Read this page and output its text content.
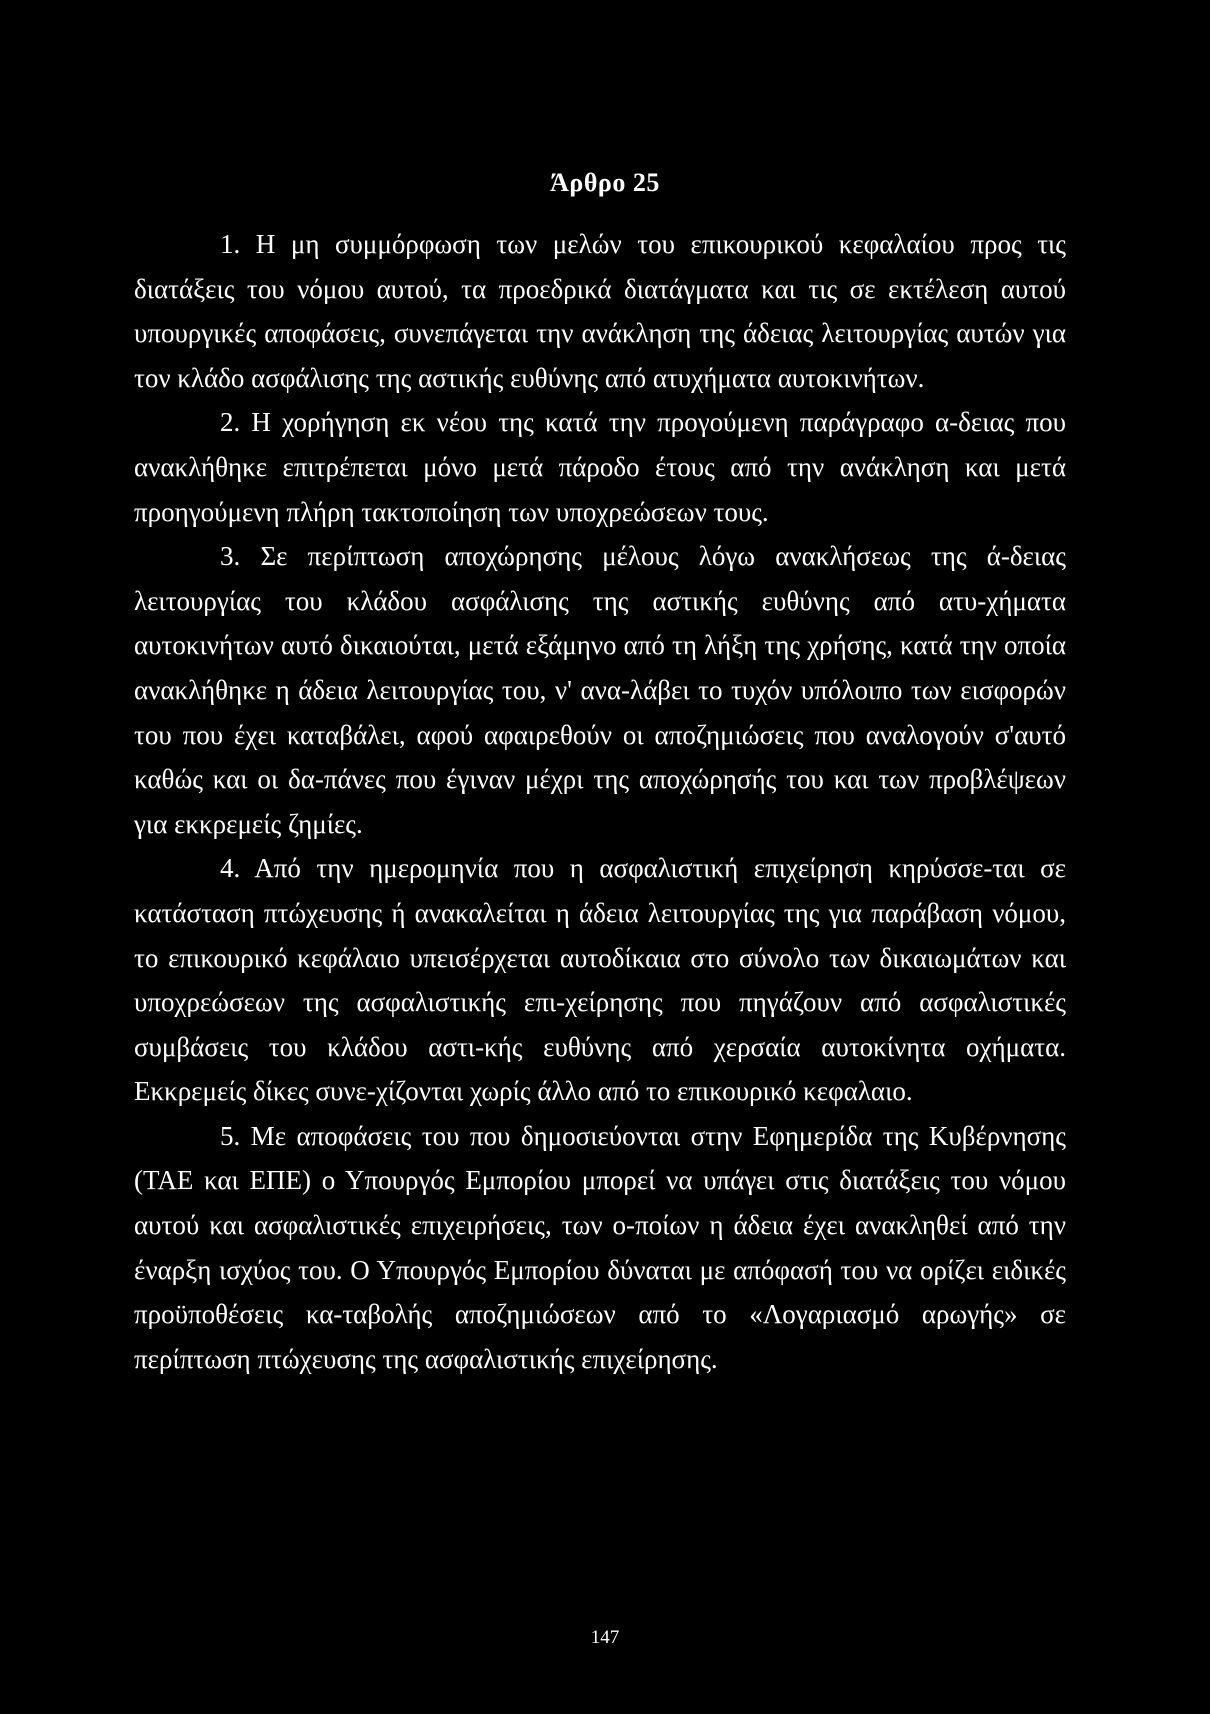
Άρθρο 25

1. Η μη συμμόρφωση των μελών του επικουρικού κεφαλαίου προς τις διατάξεις του νόμου αυτού, τα προεδρικά διατάγματα και τις σε εκτέλεση αυτού υπουργικές αποφάσεις, συνεπάγεται την ανάκληση της άδειας λειτουργίας αυτών για τον κλάδο ασφάλισης της αστικής ευθύνης από ατυχήματα αυτοκινήτων.

2. Η χορήγηση εκ νέου της κατά την προγούμενη παράγραφο α-δειας που ανακλήθηκε επιτρέπεται μόνο μετά πάροδο έτους από την ανάκληση και μετά προηγούμενη πλήρη τακτοποίηση των υποχρεώσεων τους.

3. Σε περίπτωση αποχώρησης μέλους λόγω ανακλήσεως της ά-δειας λειτουργίας του κλάδου ασφάλισης της αστικής ευθύνης από ατυ-χήματα αυτοκινήτων αυτό δικαιούται, μετά εξάμηνο από τη λήξη της χρήσης, κατά την οποία ανακλήθηκε η άδεια λειτουργίας του, ν' ανα-λάβει το τυχόν υπόλοιπο των εισφορών του που έχει καταβάλει, αφού αφαιρεθούν οι αποζημιώσεις που αναλογούν σ'αυτό καθώς και οι δα-πάνες που έγιναν μέχρι της αποχώρησής του και των προβλέψεων για εκκρεμείς ζημίες.

4. Από την ημερομηνία που η ασφαλιστική επιχείρηση κηρύσσε-ται σε κατάσταση πτώχευσης ή ανακαλείται η άδεια λειτουργίας της για παράβαση νόμου, το επικουρικό κεφάλαιο υπεισέρχεται αυτοδίκαια στο σύνολο των δικαιωμάτων και υποχρεώσεων της ασφαλιστικής επι-χείρησης που πηγάζουν από ασφαλιστικές συμβάσεις του κλάδου αστι-κής ευθύνης από χερσαία αυτοκίνητα οχήματα. Εκκρεμείς δίκες συνε-χίζονται χωρίς άλλο από το επικουρικό κεφαλαιο.

5. Με αποφάσεις του που δημοσιεύονται στην Εφημερίδα της Κυβέρνησης (ΤΑΕ και ΕΠΕ) ο Υπουργός Εμπορίου μπορεί να υπάγει στις διατάξεις του νόμου αυτού και ασφαλιστικές επιχειρήσεις, των ο-ποίων η άδεια έχει ανακληθεί από την έναρξη ισχύος του. Ο Υπουργός Εμπορίου δύναται με απόφασή του να ορίζει ειδικές προϋποθέσεις κα-ταβολής αποζημιώσεων από το «Λογαριασμό αρωγής» σε περίπτωση πτώχευσης της ασφαλιστικής επιχείρησης.

147
